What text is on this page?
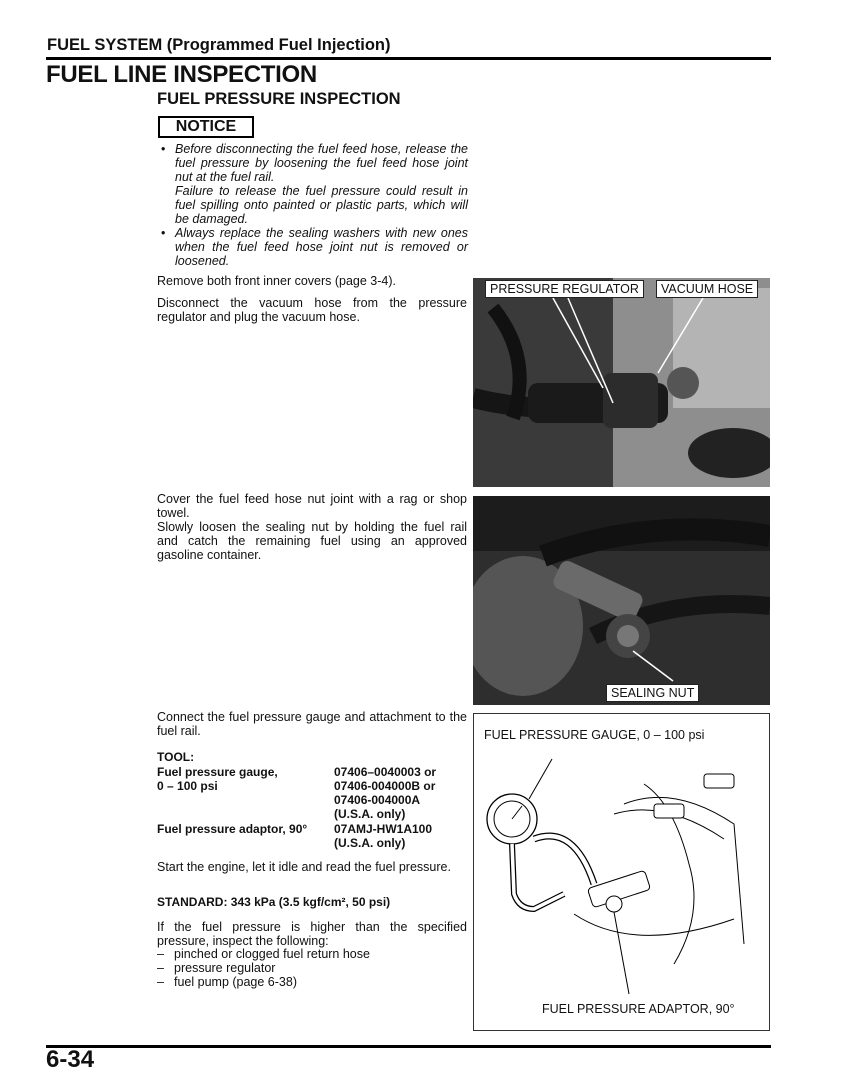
FUEL SYSTEM (Programmed Fuel Injection)
FUEL LINE INSPECTION
FUEL PRESSURE INSPECTION
NOTICE
• Before disconnecting the fuel feed hose, release the fuel pressure by loosening the fuel feed hose joint nut at the fuel rail.
Failure to release the fuel pressure could result in fuel spilling onto painted or plastic parts, which will be damaged.
• Always replace the sealing washers with new ones when the fuel feed hose joint nut is removed or loosened.
Remove both front inner covers (page 3-4).
Disconnect the vacuum hose from the pressure regulator and plug the vacuum hose.
Cover the fuel feed hose nut joint with a rag or shop towel.
Slowly loosen the sealing nut by holding the fuel rail and catch the remaining fuel using an approved gasoline container.
Connect the fuel pressure gauge and attachment to the fuel rail.
TOOL:
Fuel pressure gauge,
0 – 100 psi
07406–0040003 or
07406-004000B or
07406-004000A
(U.S.A. only)
Fuel pressure adaptor, 90° 07AMJ-HW1A100
(U.S.A. only)
Start the engine, let it idle and read the fuel pressure.
STANDARD: 343 kPa (3.5 kgf/cm², 50 psi)
If the fuel pressure is higher than the specified pressure, inspect the following:
– pinched or clogged fuel return hose
– pressure regulator
– fuel pump (page 6-38)
PRESSURE REGULATOR	VACUUM HOSE
SEALING NUT
FUEL PRESSURE GAUGE, 0 – 100 psi
FUEL PRESSURE ADAPTOR, 90°
6-34
